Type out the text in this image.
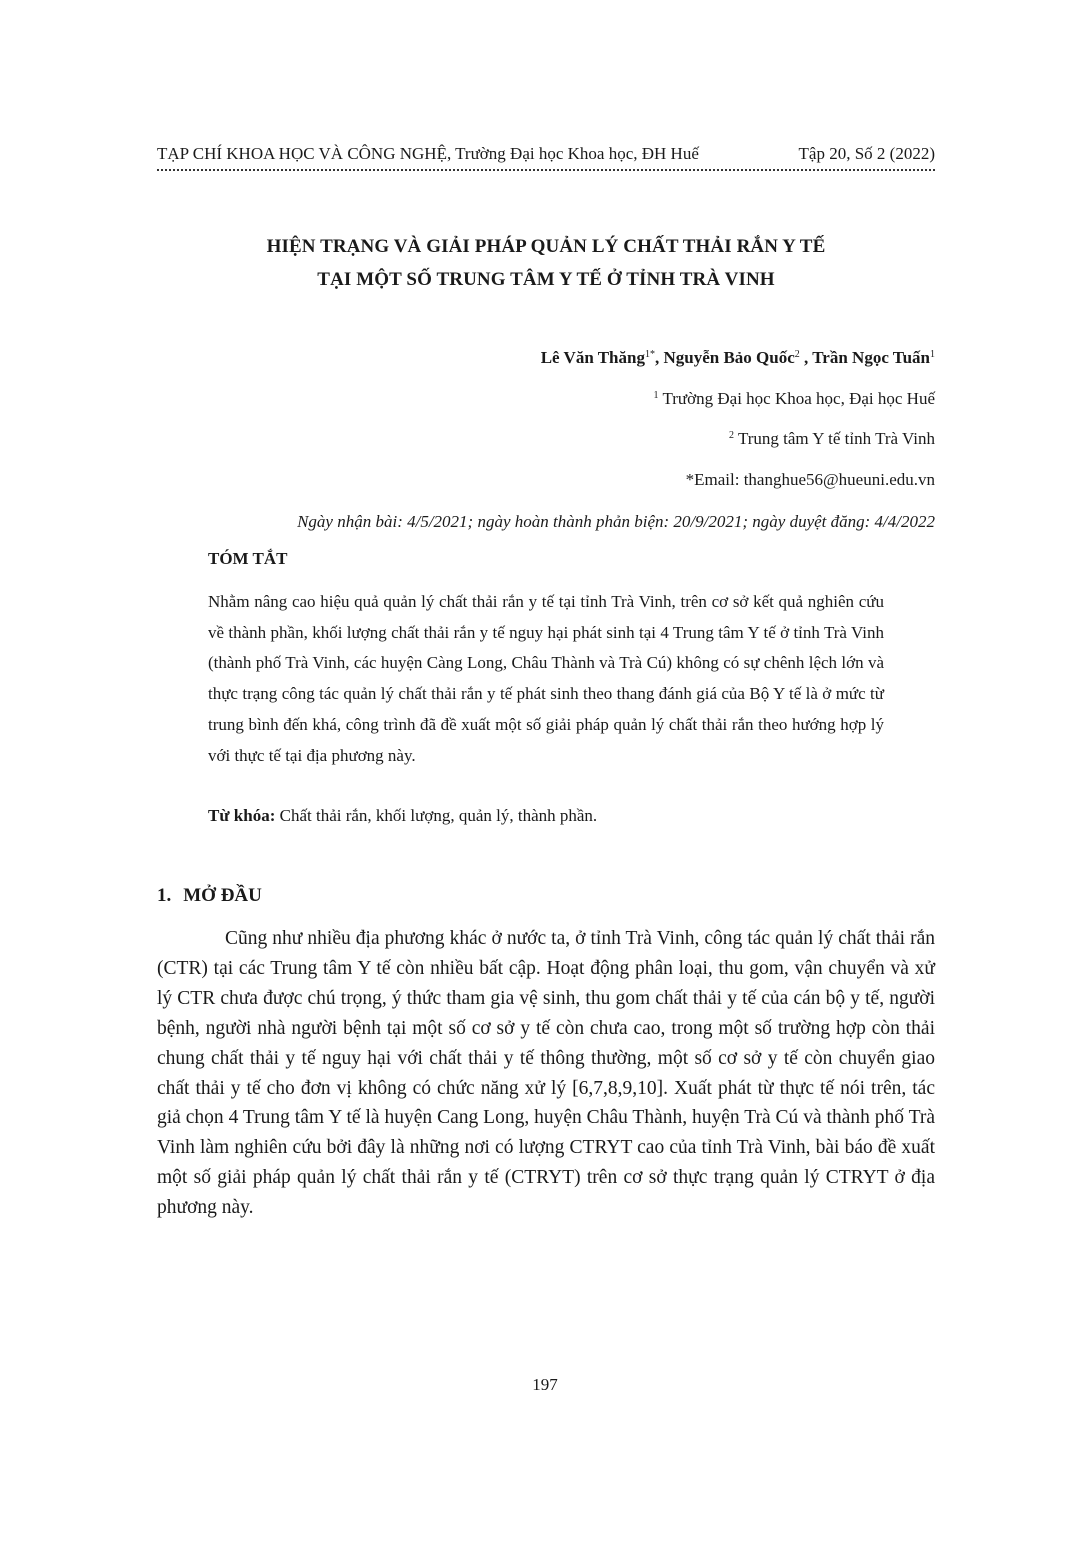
TẠP CHÍ KHOA HỌC VÀ CÔNG NGHỆ, Trường Đại học Khoa học, ĐH Huế	Tập 20, Số 2 (2022)
HIỆN TRẠNG VÀ GIẢI PHÁP QUẢN LÝ CHẤT THẢI RẮN Y TẾ
TẠI MỘT SỐ TRUNG TÂM Y TẾ Ở TỈNH TRÀ VINH
Lê Văn Thăng$^{1*}$, Nguyễn Bảo Quốc$^2$ , Trần Ngọc Tuấn$^1$
$^1$ Trường Đại học Khoa học, Đại học Huế
$^2$ Trung tâm Y tế tỉnh Trà Vinh
*Email: thanghue56@hueuni.edu.vn
Ngày nhận bài: 4/5/2021; ngày hoàn thành phản biện: 20/9/2021; ngày duyệt đăng: 4/4/2022
TÓM TẮT
Nhằm nâng cao hiệu quả quản lý chất thải rắn y tế tại tỉnh Trà Vinh, trên cơ sở kết quả nghiên cứu về thành phần, khối lượng chất thải rắn y tế nguy hại phát sinh tại 4 Trung tâm Y tế ở tỉnh Trà Vinh (thành phố Trà Vinh, các huyện Càng Long, Châu Thành và Trà Cú) không có sự chênh lệch lớn và thực trạng công tác quản lý chất thải rắn y tế phát sinh theo thang đánh giá của Bộ Y tế là ở mức từ trung bình đến khá, công trình đã đề xuất một số giải pháp quản lý chất thải rắn theo hướng hợp lý với thực tế tại địa phương này.
Từ khóa: Chất thải rắn, khối lượng, quản lý, thành phần.
1. MỞ ĐẦU
Cũng như nhiều địa phương khác ở nước ta, ở tỉnh Trà Vinh, công tác quản lý chất thải rắn (CTR) tại các Trung tâm Y tế còn nhiều bất cập. Hoạt động phân loại, thu gom, vận chuyển và xử lý CTR chưa được chú trọng, ý thức tham gia vệ sinh, thu gom chất thải y tế của cán bộ y tế, người bệnh, người nhà người bệnh tại một số cơ sở y tế còn chưa cao, trong một số trường hợp còn thải chung chất thải y tế nguy hại với chất thải y tế thông thường, một số cơ sở y tế còn chuyển giao chất thải y tế cho đơn vị không có chức năng xử lý [6,7,8,9,10]. Xuất phát từ thực tế nói trên, tác giả chọn 4 Trung tâm Y tế là huyện Cang Long, huyện Châu Thành, huyện Trà Cú và thành phố Trà Vinh làm nghiên cứu bởi đây là những nơi có lượng CTRYT cao của tỉnh Trà Vinh, bài báo đề xuất một số giải pháp quản lý chất thải rắn y tế (CTRYT) trên cơ sở thực trạng quản lý CTRYT ở địa phương này.
197
